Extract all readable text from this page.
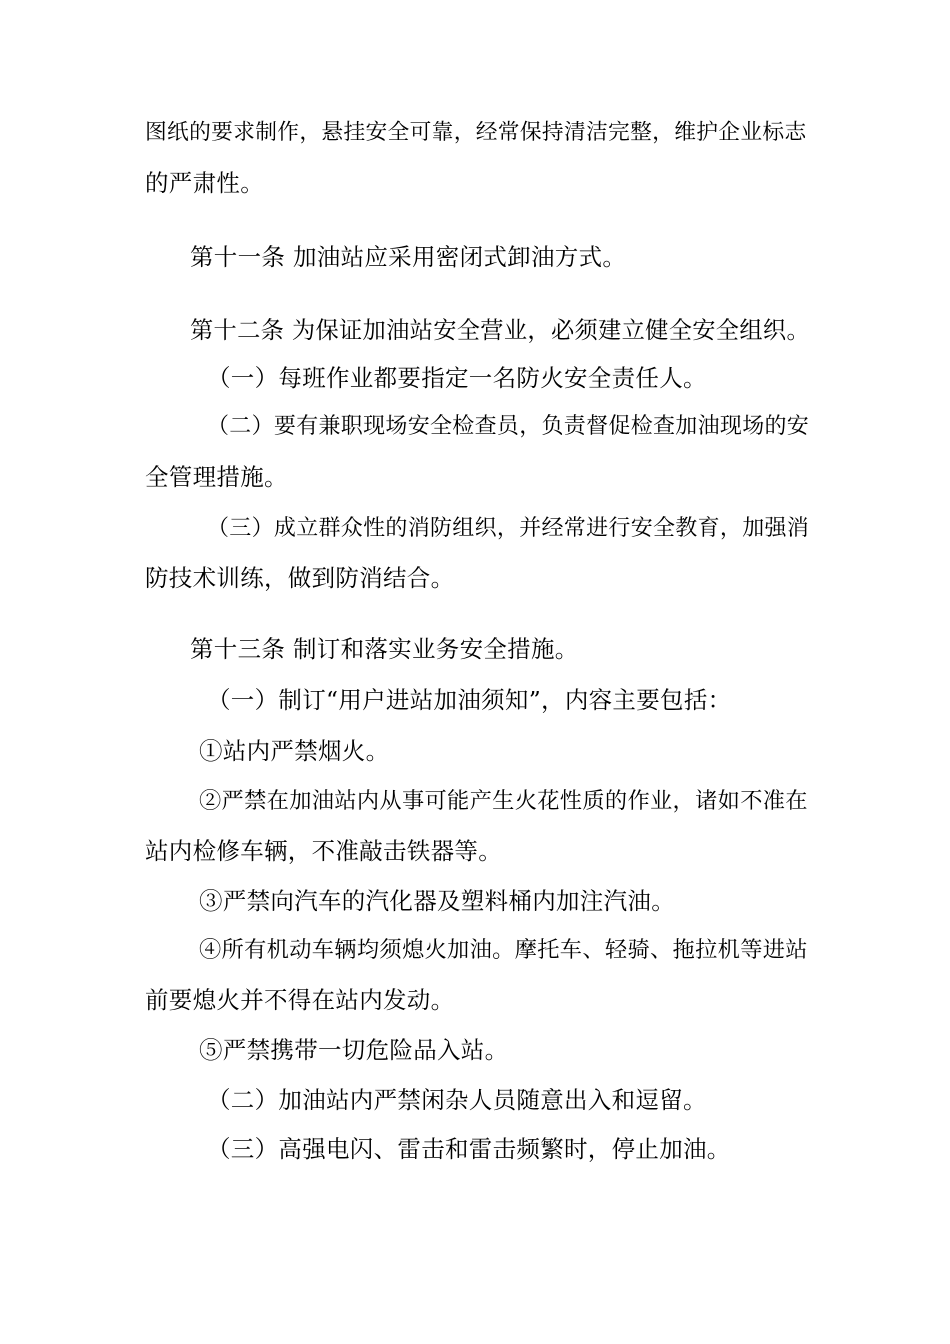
图纸的要求制作，悬挂安全可靠，经常保持清洁完整，维护企业标志
的严肃性。
第十一条 加油站应采用密闭式卸油方式。
第十二条 为保证加油站安全营业，必须建立健全安全组织。
（一）每班作业都要指定一名防火安全责任人。
（二）要有兼职现场安全检查员，负责督促检查加油现场的安
全管理措施。
（三）成立群众性的消防组织，并经常进行安全教育，加强消
防技术训练，做到防消结合。
第十三条 制订和落实业务安全措施。
（一）制订“用户进站加油须知”，内容主要包括：
①站内严禁烟火。
②严禁在加油站内从事可能产生火花性质的作业，诸如不准在
站内检修车辆，不准敲击铁器等。
③严禁向汽车的汽化器及塑料桶内加注汽油。
④所有机动车辆均须熄火加油。摩托车、轻骑、拖拉机等进站
前要熄火并不得在站内发动。
⑤严禁携带一切危险品入站。
（二）加油站内严禁闲杂人员随意出入和逗留。
（三）高强电闪、雷击和雷击频繁时，停止加油。
